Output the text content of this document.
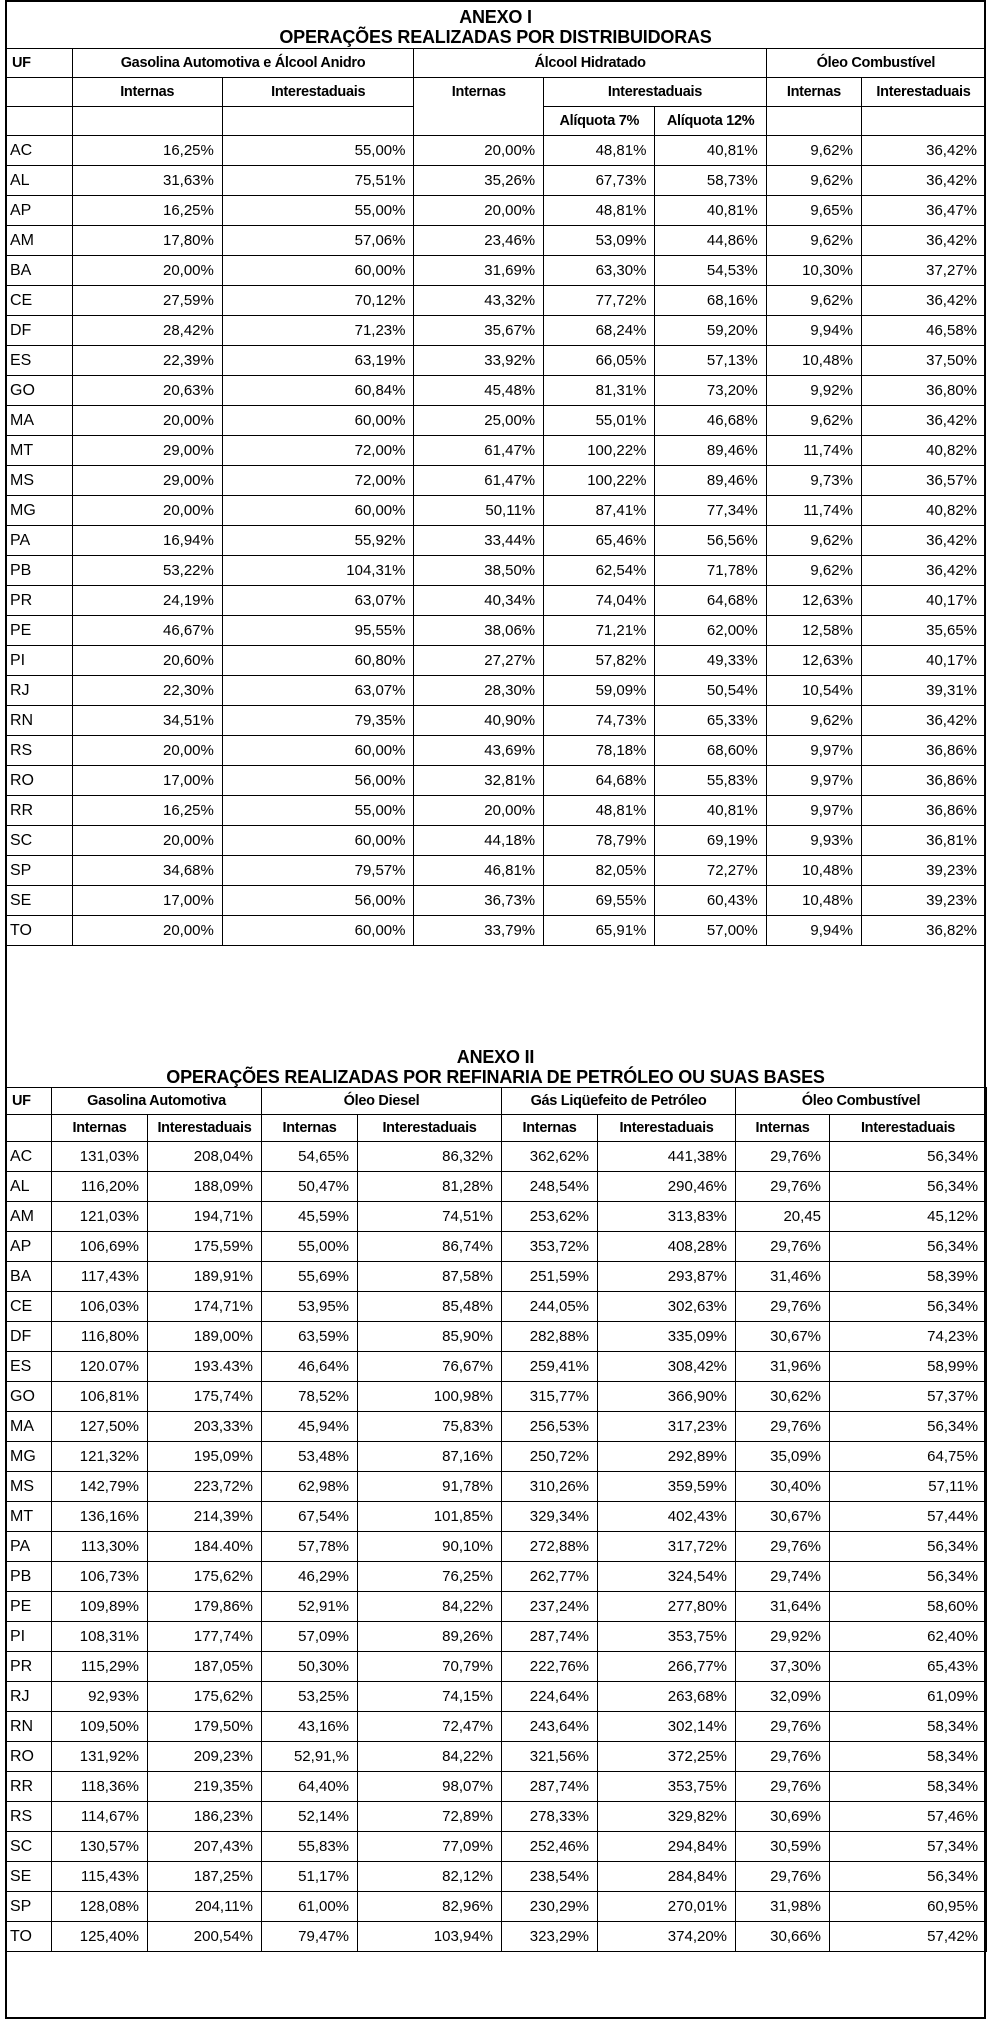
ANEXO I
OPERAÇÕES REALIZADAS POR DISTRIBUIDORAS
UF	Gasolina Automotiva e Álcool Anidro		Álcool Hidratado			Óleo Combustível	
	Internas	Interestaduais	Internas	Interestaduais		Internas	Interestaduais
				Alíquota 7%	Alíquota 12%		
AC	16,25%	55,00%	20,00%	48,81%	40,81%	9,62%	36,42%
AL	31,63%	75,51%	35,26%	67,73%	58,73%	9,62%	36,42%
AP	16,25%	55,00%	20,00%	48,81%	40,81%	9,65%	36,47%
AM	17,80%	57,06%	23,46%	53,09%	44,86%	9,62%	36,42%
BA	20,00%	60,00%	31,69%	63,30%	54,53%	10,30%	37,27%
CE	27,59%	70,12%	43,32%	77,72%	68,16%	9,62%	36,42%
DF	28,42%	71,23%	35,67%	68,24%	59,20%	9,94%	46,58%
ES	22,39%	63,19%	33,92%	66,05%	57,13%	10,48%	37,50%
GO	20,63%	60,84%	45,48%	81,31%	73,20%	9,92%	36,80%
MA	20,00%	60,00%	25,00%	55,01%	46,68%	9,62%	36,42%
MT	29,00%	72,00%	61,47%	100,22%	89,46%	11,74%	40,82%
MS	29,00%	72,00%	61,47%	100,22%	89,46%	9,73%	36,57%
MG	20,00%	60,00%	50,11%	87,41%	77,34%	11,74%	40,82%
PA	16,94%	55,92%	33,44%	65,46%	56,56%	9,62%	36,42%
PB	53,22%	104,31%	38,50%	62,54%	71,78%	9,62%	36,42%
PR	24,19%	63,07%	40,34%	74,04%	64,68%	12,63%	40,17%
PE	46,67%	95,55%	38,06%	71,21%	62,00%	12,58%	35,65%
PI	20,60%	60,80%	27,27%	57,82%	49,33%	12,63%	40,17%
RJ	22,30%	63,07%	28,30%	59,09%	50,54%	10,54%	39,31%
RN	34,51%	79,35%	40,90%	74,73%	65,33%	9,62%	36,42%
RS	20,00%	60,00%	43,69%	78,18%	68,60%	9,97%	36,86%
RO	17,00%	56,00%	32,81%	64,68%	55,83%	9,97%	36,86%
RR	16,25%	55,00%	20,00%	48,81%	40,81%	9,97%	36,86%
SC	20,00%	60,00%	44,18%	78,79%	69,19%	9,93%	36,81%
SP	34,68%	79,57%	46,81%	82,05%	72,27%	10,48%	39,23%
SE	17,00%	56,00%	36,73%	69,55%	60,43%	10,48%	39,23%
TO	20,00%	60,00%	33,79%	65,91%	57,00%	9,94%	36,82%
ANEXO II
OPERAÇÕES REALIZADAS POR REFINARIA DE PETRÓLEO OU SUAS BASES
UF	Gasolina Automotiva		Óleo Diesel		Gás Liqüefeito de Petróleo		Óleo Combustível	
	Internas	Interestaduais	Internas	Interestaduais	Internas	Interestaduais	Internas	Interestaduais
AC	131,03%	208,04%	54,65%	86,32%	362,62%	441,38%	29,76%	56,34%
AL	116,20%	188,09%	50,47%	81,28%	248,54%	290,46%	29,76%	56,34%
AM	121,03%	194,71%	45,59%	74,51%	253,62%	313,83%	20,45	45,12%
AP	106,69%	175,59%	55,00%	86,74%	353,72%	408,28%	29,76%	56,34%
BA	117,43%	189,91%	55,69%	87,58%	251,59%	293,87%	31,46%	58,39%
CE	106,03%	174,71%	53,95%	85,48%	244,05%	302,63%	29,76%	56,34%
DF	116,80%	189,00%	63,59%	85,90%	282,88%	335,09%	30,67%	74,23%
ES	120.07%	193.43%	46,64%	76,67%	259,41%	308,42%	31,96%	58,99%
GO	106,81%	175,74%	78,52%	100,98%	315,77%	366,90%	30,62%	57,37%
MA	127,50%	203,33%	45,94%	75,83%	256,53%	317,23%	29,76%	56,34%
MG	121,32%	195,09%	53,48%	87,16%	250,72%	292,89%	35,09%	64,75%
MS	142,79%	223,72%	62,98%	91,78%	310,26%	359,59%	30,40%	57,11%
MT	136,16%	214,39%	67,54%	101,85%	329,34%	402,43%	30,67%	57,44%
PA	113,30%	184.40%	57,78%	90,10%	272,88%	317,72%	29,76%	56,34%
PB	106,73%	175,62%	46,29%	76,25%	262,77%	324,54%	29,74%	56,34%
PE	109,89%	179,86%	52,91%	84,22%	237,24%	277,80%	31,64%	58,60%
PI	108,31%	177,74%	57,09%	89,26%	287,74%	353,75%	29,92%	62,40%
PR	115,29%	187,05%	50,30%	70,79%	222,76%	266,77%	37,30%	65,43%
RJ	92,93%	175,62%	53,25%	74,15%	224,64%	263,68%	32,09%	61,09%
RN	109,50%	179,50%	43,16%	72,47%	243,64%	302,14%	29,76%	58,34%
RO	131,92%	209,23%	52,91,%	84,22%	321,56%	372,25%	29,76%	58,34%
RR	118,36%	219,35%	64,40%	98,07%	287,74%	353,75%	29,76%	58,34%
RS	114,67%	186,23%	52,14%	72,89%	278,33%	329,82%	30,69%	57,46%
SC	130,57%	207,43%	55,83%	77,09%	252,46%	294,84%	30,59%	57,34%
SE	115,43%	187,25%	51,17%	82,12%	238,54%	284,84%	29,76%	56,34%
SP	128,08%	204,11%	61,00%	82,96%	230,29%	270,01%	31,98%	60,95%
TO	125,40%	200,54%	79,47%	103,94%	323,29%	374,20%	30,66%	57,42%
